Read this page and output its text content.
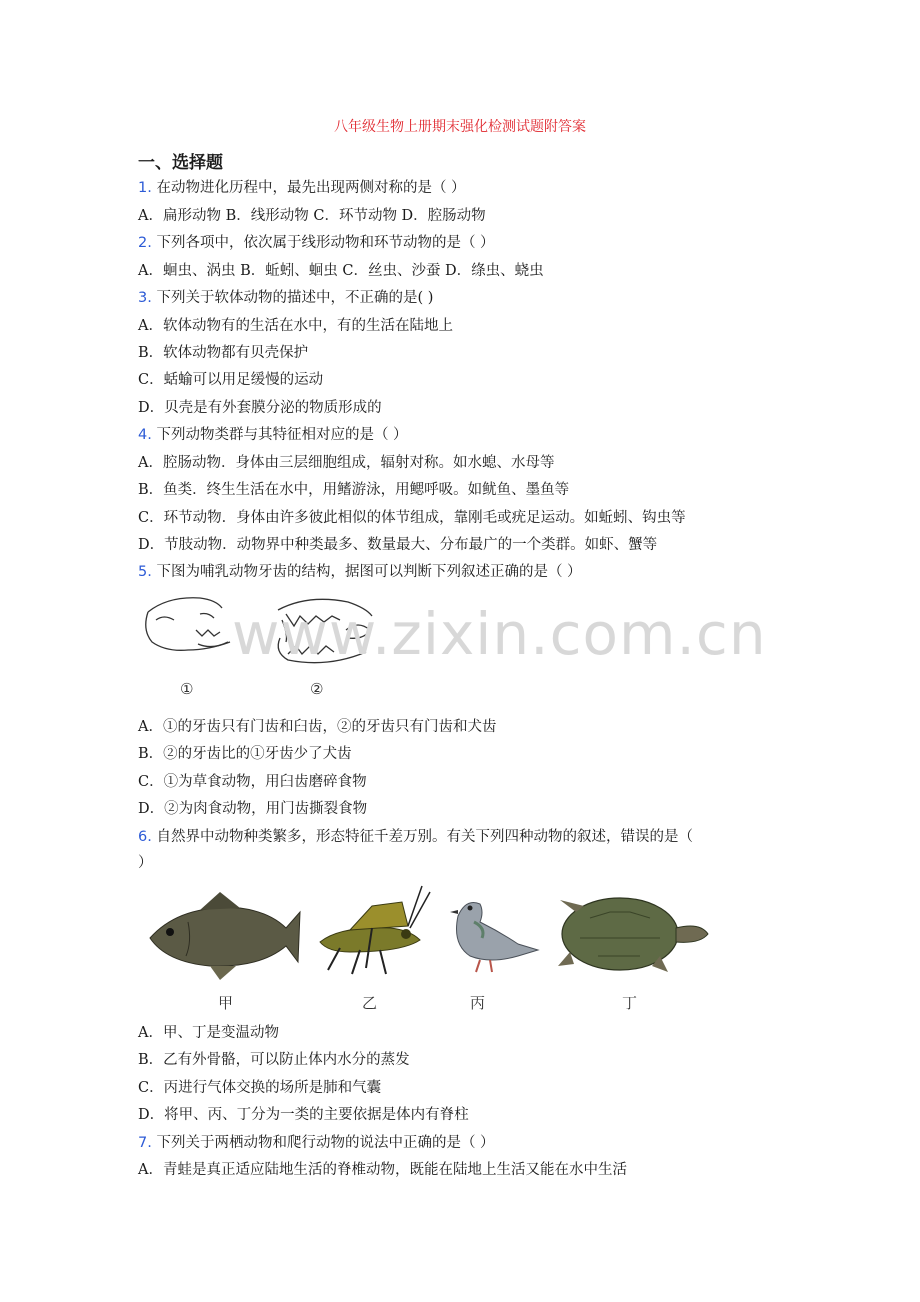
八年级生物上册期末强化检测试题附答案
一、选择题
1. 在动物进化历程中，最先出现两侧对称的是（ ）
A．扁形动物 B．线形动物 C．环节动物 D．腔肠动物
2. 下列各项中，依次属于线形动物和环节动物的是（ ）
A．蛔虫、涡虫 B．蚯蚓、蛔虫 C．丝虫、沙蚕 D．绦虫、蛲虫
3. 下列关于软体动物的描述中，不正确的是( )
A．软体动物有的生活在水中，有的生活在陆地上
B．软体动物都有贝壳保护
C．蛞蝓可以用足缓慢的运动
D．贝壳是有外套膜分泌的物质形成的
4. 下列动物类群与其特征相对应的是（ ）
A．腔肠动物．身体由三层细胞组成，辐射对称。如水螅、水母等
B．鱼类．终生生活在水中，用鳍游泳，用鳃呼吸。如鱿鱼、墨鱼等
C．环节动物．身体由许多彼此相似的体节组成，靠刚毛或疣足运动。如蚯蚓、钩虫等
D．节肢动物．动物界中种类最多、数量最大、分布最广的一个类群。如虾、蟹等
5. 下图为哺乳动物牙齿的结构，据图可以判断下列叙述正确的是（ ）
①	②
A．①的牙齿只有门齿和臼齿，②的牙齿只有门齿和犬齿
B．②的牙齿比的①牙齿少了犬齿
C．①为草食动物，用臼齿磨碎食物
D．②为肉食动物，用门齿撕裂食物
6. 自然界中动物种类繁多，形态特征千差万别。有关下列四种动物的叙述，错误的是（
）
甲	乙	丙	丁
A．甲、丁是变温动物
B．乙有外骨骼，可以防止体内水分的蒸发
C．丙进行气体交换的场所是肺和气囊
D．将甲、丙、丁分为一类的主要依据是体内有脊柱
7. 下列关于两栖动物和爬行动物的说法中正确的是（ ）
A．青蛙是真正适应陆地生活的脊椎动物，既能在陆地上生活又能在水中生活
www.zixin.com.cn
